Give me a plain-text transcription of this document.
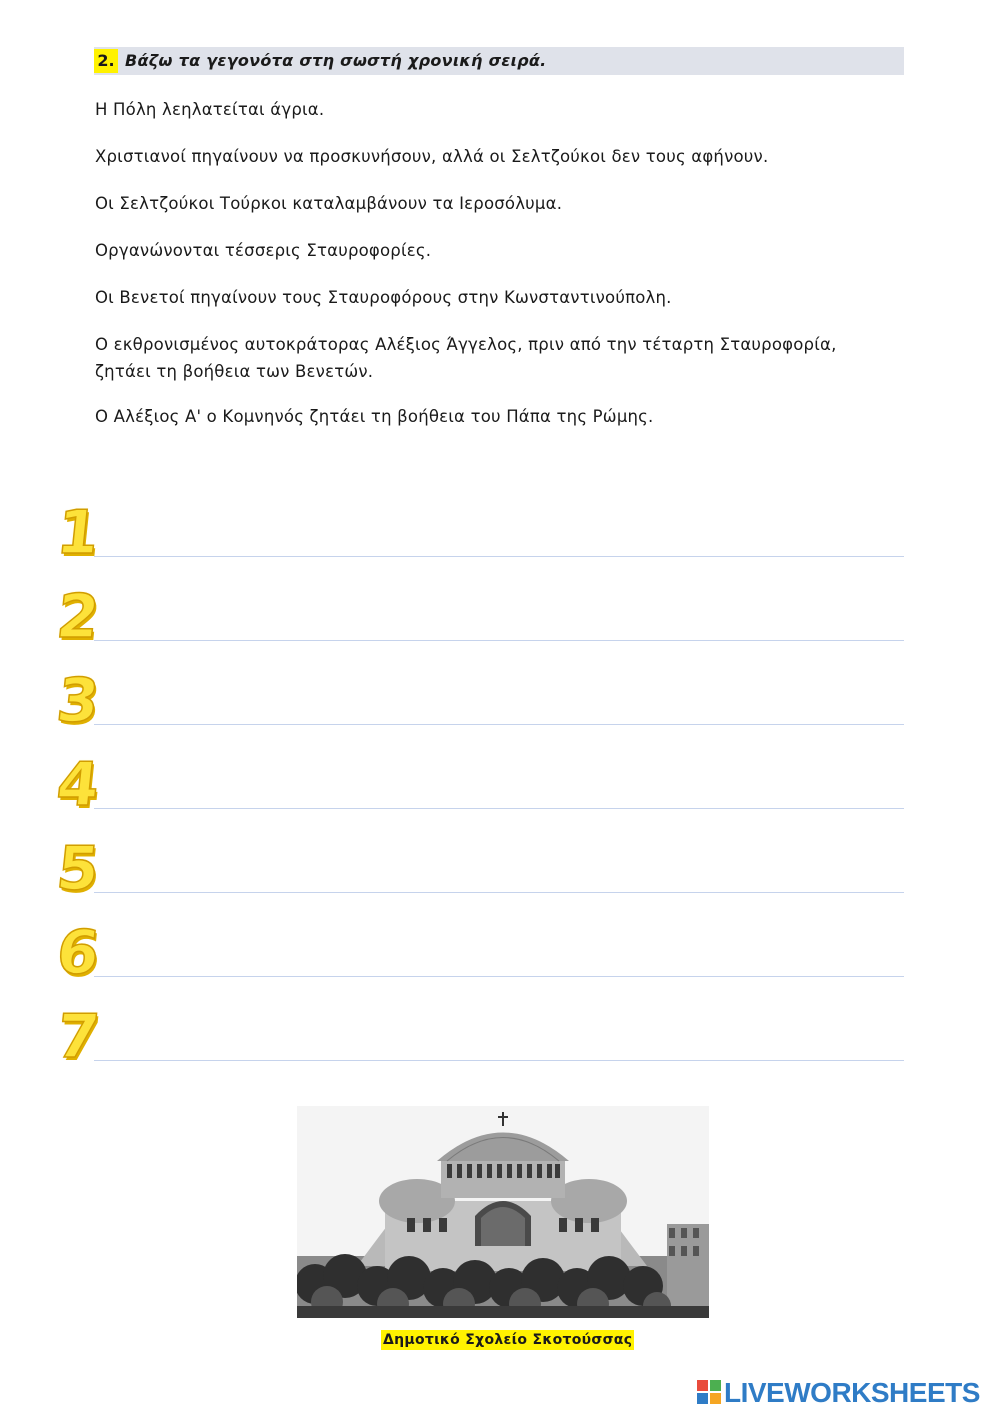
2. Βάζω τα γεγονότα στη σωστή χρονική σειρά.

Η Πόλη λεηλατείται άγρια.

Χριστιανοί πηγαίνουν να προσκυνήσουν, αλλά οι Σελτζούκοι δεν τους αφήνουν.

Οι Σελτζούκοι Τούρκοι καταλαμβάνουν τα Ιεροσόλυμα.

Οργανώνονται τέσσερις Σταυροφορίες.

Οι Βενετοί πηγαίνουν τους Σταυροφόρους στην Κωνσταντινούπολη.

Ο εκθρονισμένος αυτοκράτορας Αλέξιος Άγγελος, πριν από την τέταρτη Σταυροφορία,
ζητάει τη βοήθεια των Βενετών.

Ο Αλέξιος Α' ο Κομνηνός ζητάει τη βοήθεια του Πάπα της Ρώμης.

1
2
3
4
5
6
7
Δημοτικό Σχολείο Σκοτούσσας
LIVEWORKSHEETS
